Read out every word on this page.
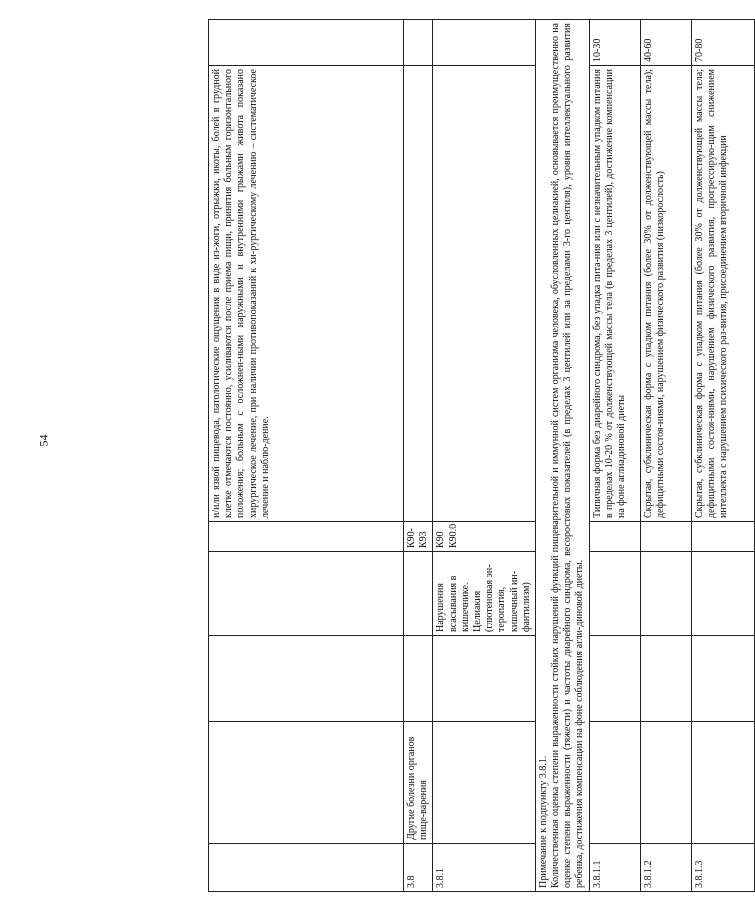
54
						и/или язвой пищевода, патологические ощущения в виде из-жоги, отрыжки, икоты, болей в грудной клетке отмечаются постоянно, усиливаются после приема пищи, принятия больным горизонтального положения; больным с осложнен-ными наружными и внутренними грыжами живота показано хирургическое лечение, при наличии противопоказаний к хи-рургическому лечению – систематическое лечение и наблю-дение.	
3.8	Другие болезни органов пище-варения			К90- К93		

3.8.1			Нарушения всасывания в кишечнике. Целиакия (глютеновая эн-теропатия, кишечный ин-фантилизм)	К90 К90.0		

Примечание к подпункту 3.8.1. Количественная оценка степени выраженности стойких нарушений функций пищеварительной и иммунной систем организма человека, обусловленных целиакией, основывается преимущественно на оценке степени выраженности (тяжести) и частоты диарейного синдрома, весоростовых показателей (в пределах 3 центилей или за пределами 3-го центиля), уровня интеллектуального развития ребенка, достижения компенсации на фоне соблюдения агли-диновой диеты.						
3.8.1.1					Типичная форма без диарейного синдрома, без упадка пита-ния или с незначительным упадком питания в пределах 10-20 % от долженствующей массы тела (в пределах 3 центилей), достижение компенсации на фоне аглиадиновой диеты	10-30
3.8.1.2					Скрытая, субклиническая форма с упадком питания (более 30% от долженствующей массы тела); дефицитными состоя-ниями, нарушением физического развития (низкорослость)	40-60
3.8.1.3					Скрытая, субклиническая форма с упадком питания (более 30% от долженствующей массы тела; дефицитными состоя-ниями, нарушением физического развития, прогрессирую-щим снижением интеллекта с нарушением психического раз-вития, присоединением вторичной инфекции	70-80
